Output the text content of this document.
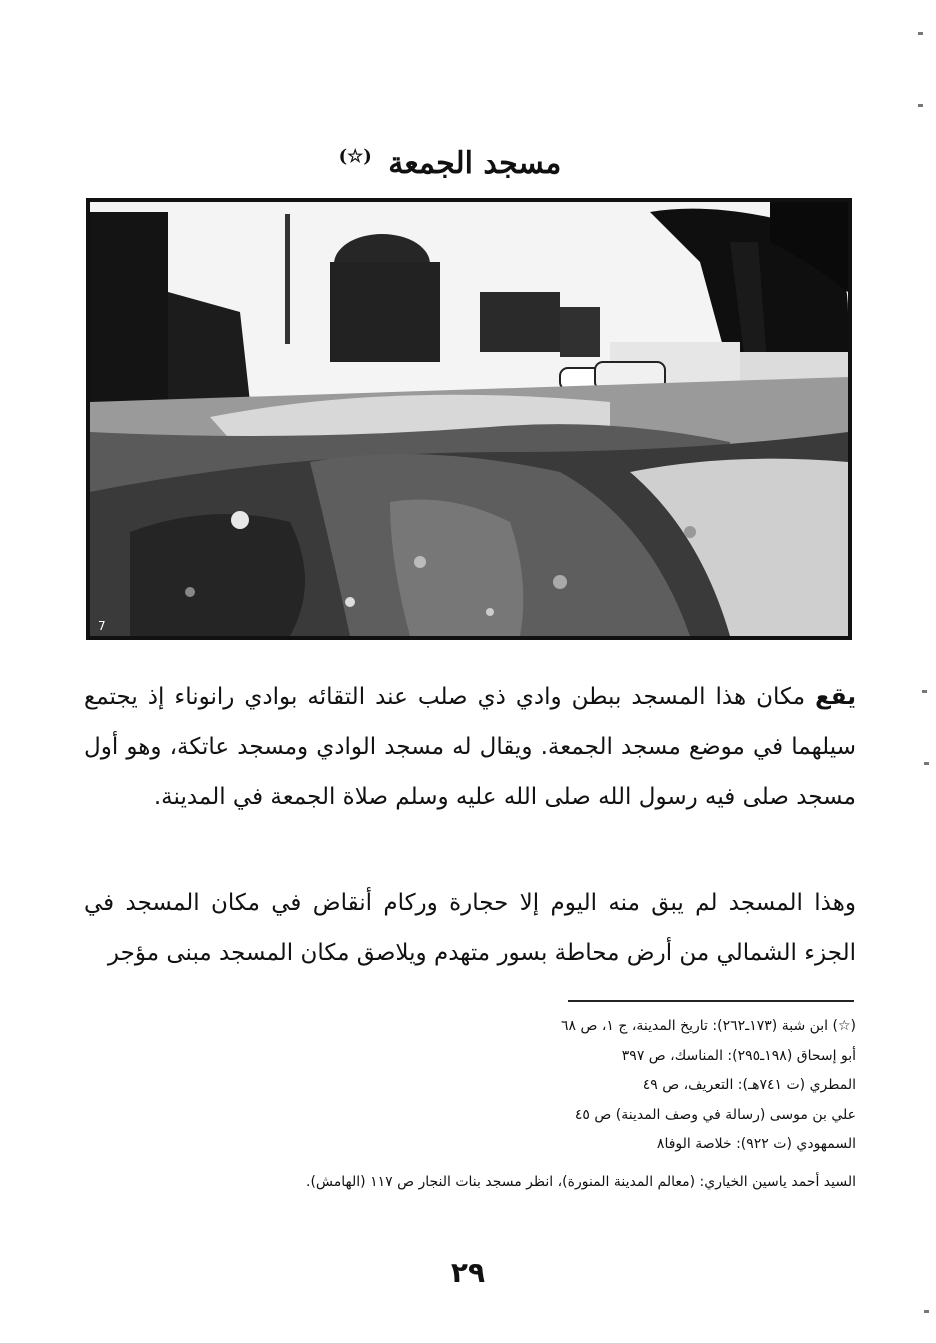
مسجد الجمعة (☆)
7

يقع مكان هذا المسجد ببطن وادي ذي صلب عند التقائه بوادي رانوناء إذ يجتمع سيلهما في موضع مسجد الجمعة. ويقال له مسجد الوادي ومسجد عاتكة، وهو أول مسجد صلى فيه رسول الله صلى الله عليه وسلم صلاة الجمعة في المدينة.

وهذا المسجد لم يبق منه اليوم إلا حجارة وركام أنقاض في مكان المسجد في الجزء الشمالي من أرض محاطة بسور متهدم ويلاصق مكان المسجد مبنى مؤجر

(☆) ابن شبة (١٧٣ـ٢٦٢): تاريخ المدينة، ج ١، ص ٦٨
أبو إسحاق (١٩٨ـ٢٩٥): المناسك، ص ٣٩٧
المطري (ت ٧٤١هـ): التعريف، ص ٤٩
علي بن موسى (رسالة في وصف المدينة) ص ٤٥
السمهودي (ت ٩٢٢): خلاصة الوفا٨
السيد أحمد ياسين الخياري: (معالم المدينة المنورة)، انظر مسجد بنات النجار ص ١١٧ (الهامش).
٢٩
